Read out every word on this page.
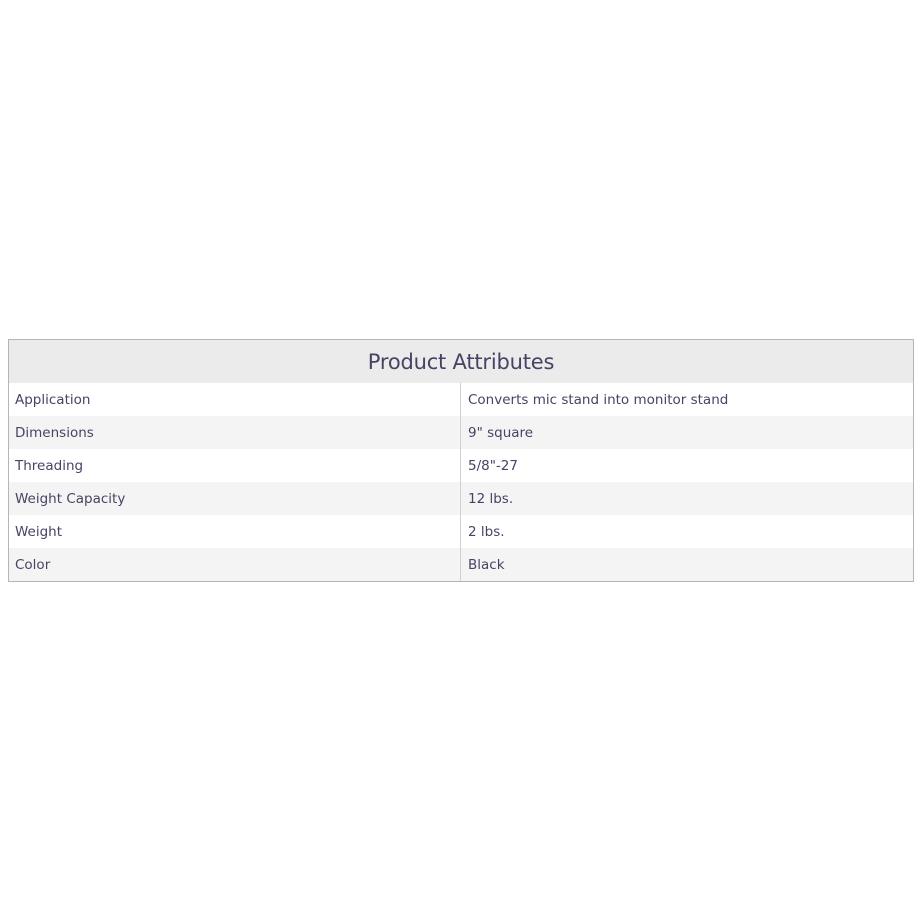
Product Attributes
Application	Converts mic stand into monitor stand
Dimensions	9" square
Threading	5/8"-27
Weight Capacity	12 lbs.
Weight	2 lbs.
Color	Black
